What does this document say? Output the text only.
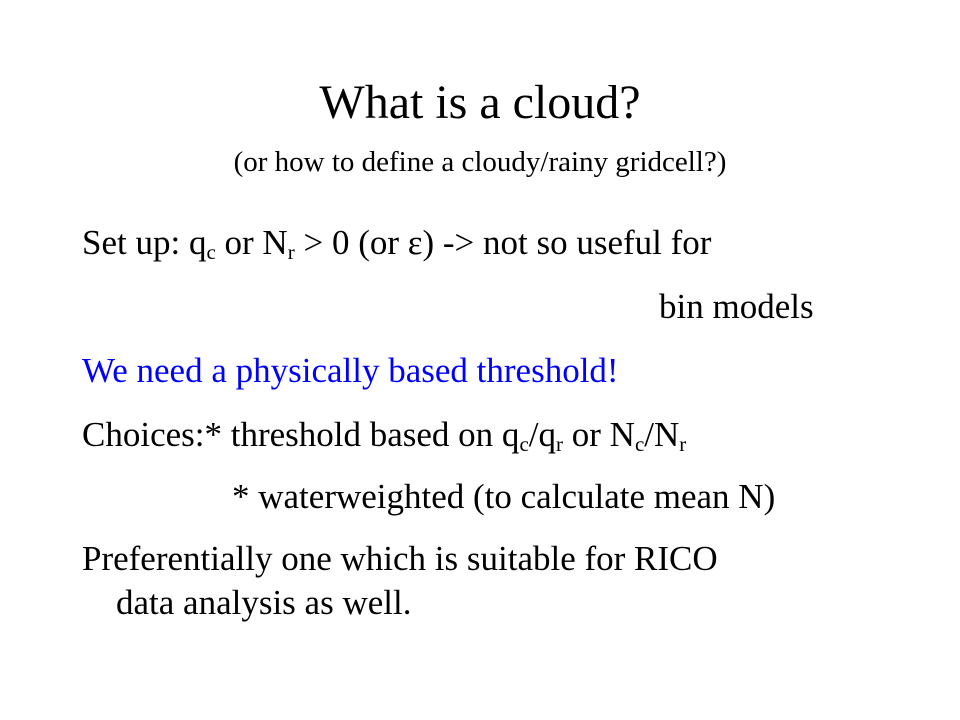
What is a cloud?
(or how to define a cloudy/rainy gridcell?)
Set up: $q_c$ or $N_r > 0$ (or ε) -> not so useful for
bin models
We need a physically based threshold!
Choices:* threshold based on $q_c/q_r$ or $N_c/N_r$
* waterweighted (to calculate mean N)
Preferentially one which is suitable for RICO
data analysis as well.
